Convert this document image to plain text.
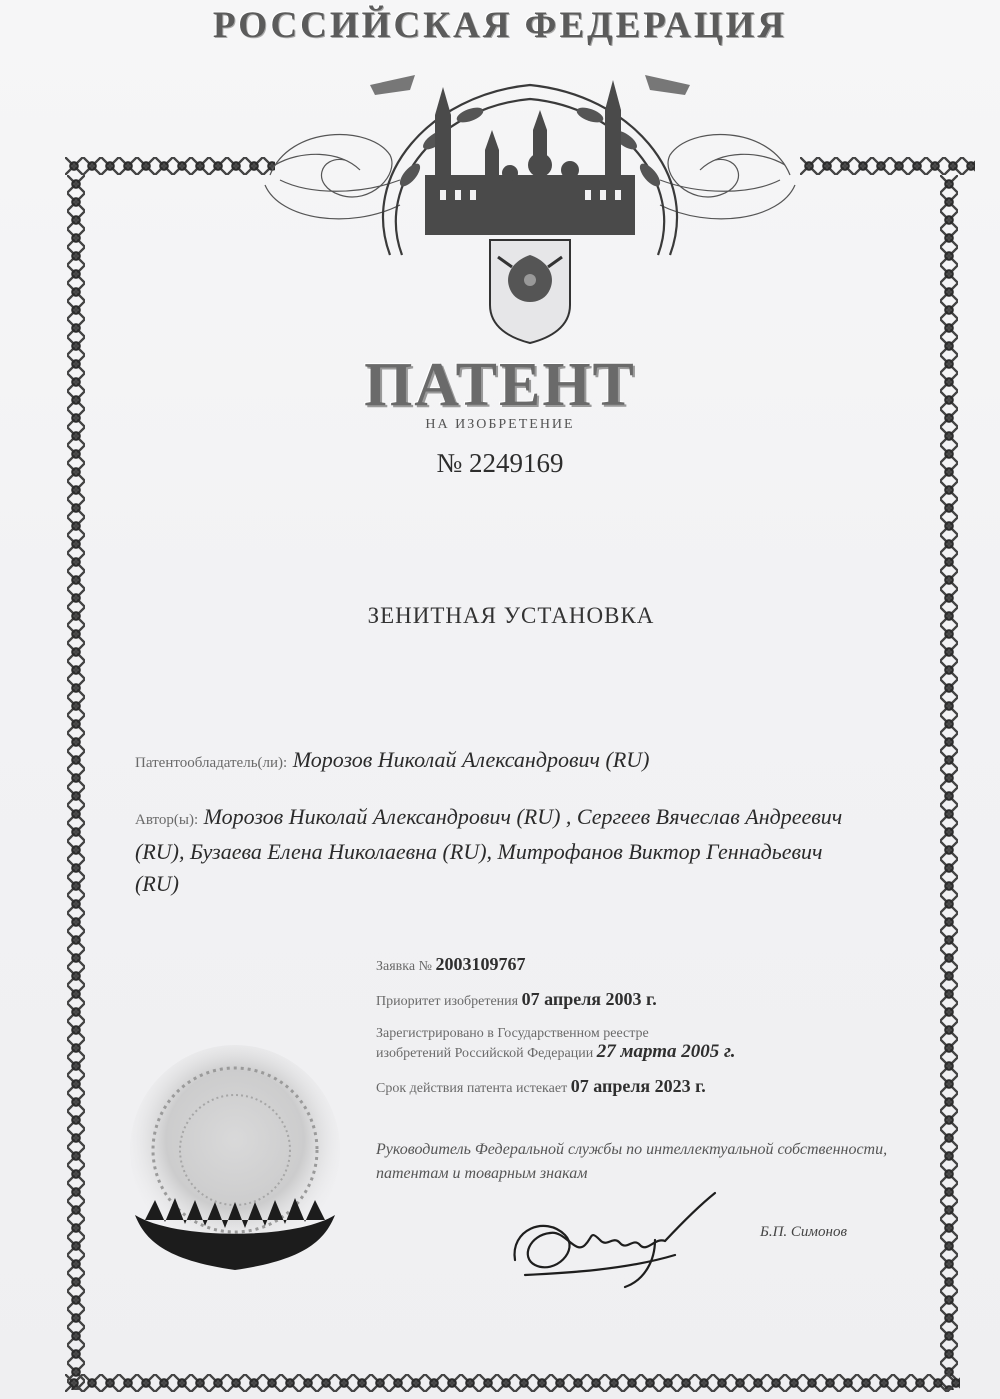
РОССИЙСКАЯ ФЕДЕРАЦИЯ
ПАТЕНТ
НА ИЗОБРЕТЕНИЕ
№ 2249169
ЗЕНИТНАЯ УСТАНОВКА
Патентообладатель(ли): Морозов Николай Александрович (RU)
Автор(ы): Морозов Николай Александрович (RU) , Сергеев Вячеслав Андреевич (RU), Бузаева Елена Николаевна (RU), Митрофанов Виктор Геннадьевич (RU)
Заявка № 2003109767
Приоритет изобретения 07 апреля 2003 г.
Зарегистрировано в Государственном реестре
изобретений Российской Федерации 27 марта 2005 г.
Срок действия патента истекает 07 апреля 2023 г.
Руководитель Федеральной службы по интеллектуальной собственности, патентам и товарным знакам
Б.П. Симонов
